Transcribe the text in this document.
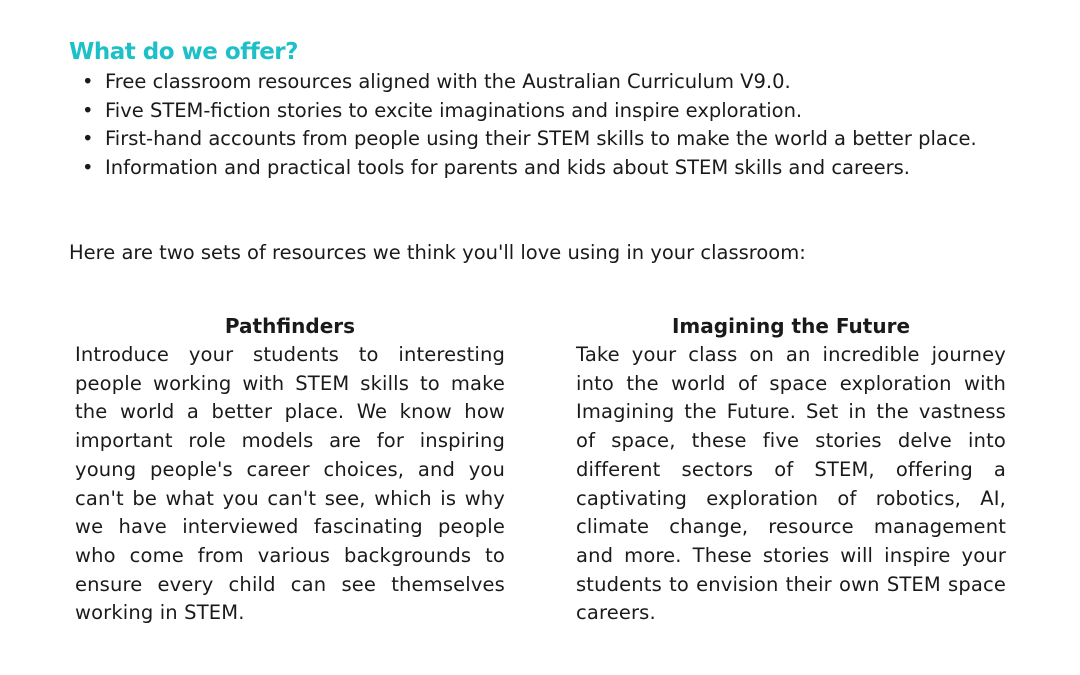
What do we offer?
• Free classroom resources aligned with the Australian Curriculum V9.0.
• Five STEM-fiction stories to excite imaginations and inspire exploration.
• First-hand accounts from people using their STEM skills to make the world a better place.
• Information and practical tools for parents and kids about STEM skills and careers.

Here are two sets of resources we think you'll love using in your classroom:

Pathfinders

Introduce your students to interesting people working with STEM skills to make the world a better place. We know how important role models are for inspiring young people's career choices, and you can't be what you can't see, which is why we have interviewed fascinating people who come from various backgrounds to ensure every child can see themselves working in STEM.

Imagining the Future

Take your class on an incredible journey into the world of space exploration with Imagining the Future. Set in the vastness of space, these five stories delve into different sectors of STEM, offering a captivating exploration of robotics, AI, climate change, resource management and more. These stories will inspire your students to envision their own STEM space careers.
